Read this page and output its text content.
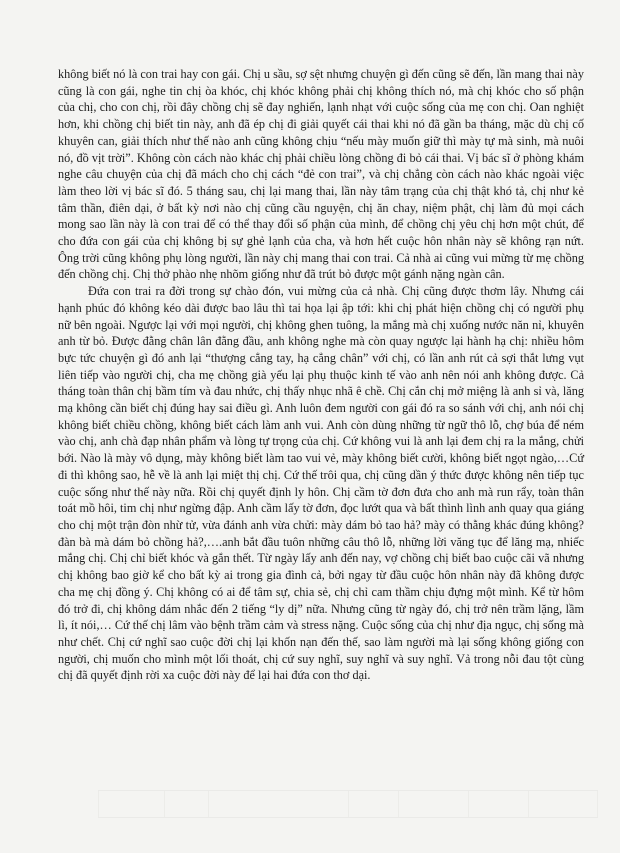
không biết nó là con trai hay con gái. Chị u sầu, sợ sệt nhưng chuyện gì đến cũng sẽ đến, lần mang thai này cũng là con gái, nghe tin chị òa khóc, chị khóc không phải chị không thích nó, mà chị khóc cho số phận của chị, cho con chị, rồi đây chồng chị sẽ đay nghiến, lạnh nhạt với cuộc sống của mẹ con chị. Oan nghiệt hơn, khi chồng chị biết tin này, anh đã ép chị đi giải quyết cái thai khi nó đã gần ba tháng, mặc dù chị cố khuyên can, giải thích như thế nào anh cũng không chịu “nếu mày muốn giữ thì mày tự mà sinh, mà nuôi nó, đồ vịt trời”. Không còn cách nào khác chị phải chiều lòng chồng đi bỏ cái thai. Vị bác sĩ ở phòng khám nghe câu chuyện của chị đã mách cho chị cách “đẻ con trai”, và chị chẳng còn cách nào khác ngoài việc làm theo lời vị bác sĩ đó. 5 tháng sau, chị lại mang thai, lần này tâm trạng của chị thật khó tả, chị như kẻ tâm thần, điên dại, ở bất kỳ nơi nào chị cũng cầu nguyện, chị ăn chay, niệm phật, chị làm đủ mọi cách mong sao lần này là con trai để có thể thay đổi số phận của mình, để chồng chị yêu chị hơn một chút, để cho đứa con gái của chị không bị sự ghẻ lạnh của cha, và hơn hết cuộc hôn nhân này sẽ không rạn nứt. Ông trời cũng không phụ lòng người, lần này chị mang thai con trai. Cả nhà ai cũng vui mừng từ mẹ chồng đến chồng chị. Chị thở phào nhẹ nhõm giống như đã trút bỏ được một gánh nặng ngàn cân.

Đứa con trai ra đời trong sự chào đón, vui mừng của cả nhà. Chị cũng được thơm lây. Nhưng cái hạnh phúc đó không kéo dài được bao lâu thì tai họa lại ập tới: khi chị phát hiện chồng chị có người phụ nữ bên ngoài. Ngược lại với mọi người, chị không ghen tuông, la mắng mà chị xuống nước năn nỉ, khuyên anh từ bỏ. Được đằng chân lân đằng đầu, anh không nghe mà còn quay ngược lại hành hạ chị: nhiều hôm bực tức chuyện gì đó anh lại “thượng cẳng tay, hạ cẳng chân” với chị, có lần anh rút cả sợi thắt lưng vụt liên tiếp vào người chị, cha mẹ chồng già yếu lại phụ thuộc kinh tế vào anh nên nói anh không được. Cả tháng toàn thân chị bầm tím và đau nhức, chị thấy nhục nhã ê chề. Chị cắn chị mở miệng là anh sỉ và, lăng mạ không cần biết chị đúng hay sai điều gì. Anh luôn đem người con gái đó ra so sánh với chị, anh nói chị không biết chiều chồng, không biết cách làm anh vui. Anh còn dùng những từ ngữ thô lỗ, chợ búa để ném vào chị, anh chà đạp nhân phẩm và lòng tự trọng của chị. Cứ không vui là anh lại đem chị ra la mắng, chửi bới. Nào là mày vô dụng, mày không biết làm tao vui vẻ, mày không biết cười, không biết ngọt ngào,…Cứ đi thì không sao, hễ về là anh lại miệt thị chị. Cứ thế trôi qua, chị cũng dần ý thức được không nên tiếp tục cuộc sống như thế này nữa. Rồi chị quyết định ly hôn. Chị cầm tờ đơn đưa cho anh mà run rẩy, toàn thân toát mồ hôi, tim chị như ngừng đập. Anh cầm lấy tờ đơn, đọc lướt qua và bất thình lình anh quay qua giáng cho chị một trận đòn nhừ tử, vừa đánh anh vừa chửi: mày dám bỏ tao hả? mày có thằng khác đúng không? đàn bà mà dám bỏ chồng hả?,….anh bắt đầu tuôn những câu thô lỗ, những lời văng tục để lăng mạ, nhiếc mắng chị. Chị chỉ biết khóc và gắn thết. Từ ngày lấy anh đến nay, vợ chồng chị biết bao cuộc cãi vã nhưng chị không bao giờ kể cho bất kỳ ai trong gia đình cả, bởi ngay từ đầu cuộc hôn nhân này đã không được cha mẹ chị đồng ý. Chị không có ai để tâm sự, chia sẻ, chị chỉ cam thầm chịu đựng một mình. Kể từ hôm đó trở đi, chị không dám nhắc đến 2 tiếng “ly dị” nữa. Nhưng cũng từ ngày đó, chị trở nên trầm lặng, lầm lì, ít nói,… Cứ thế chị lâm vào bệnh trầm cảm và stress nặng. Cuộc sống của chị như địa ngục, chị sống mà như chết. Chị cứ nghĩ sao cuộc đời chị lại khốn nạn đến thế, sao làm người mà lại sống không giống con người, chị muốn cho mình một lối thoát, chị cứ suy nghĩ, suy nghĩ và suy nghĩ. Vả trong nỗi đau tột cùng chị đã quyết định rời xa cuộc đời này để lại hai đứa con thơ dại.
